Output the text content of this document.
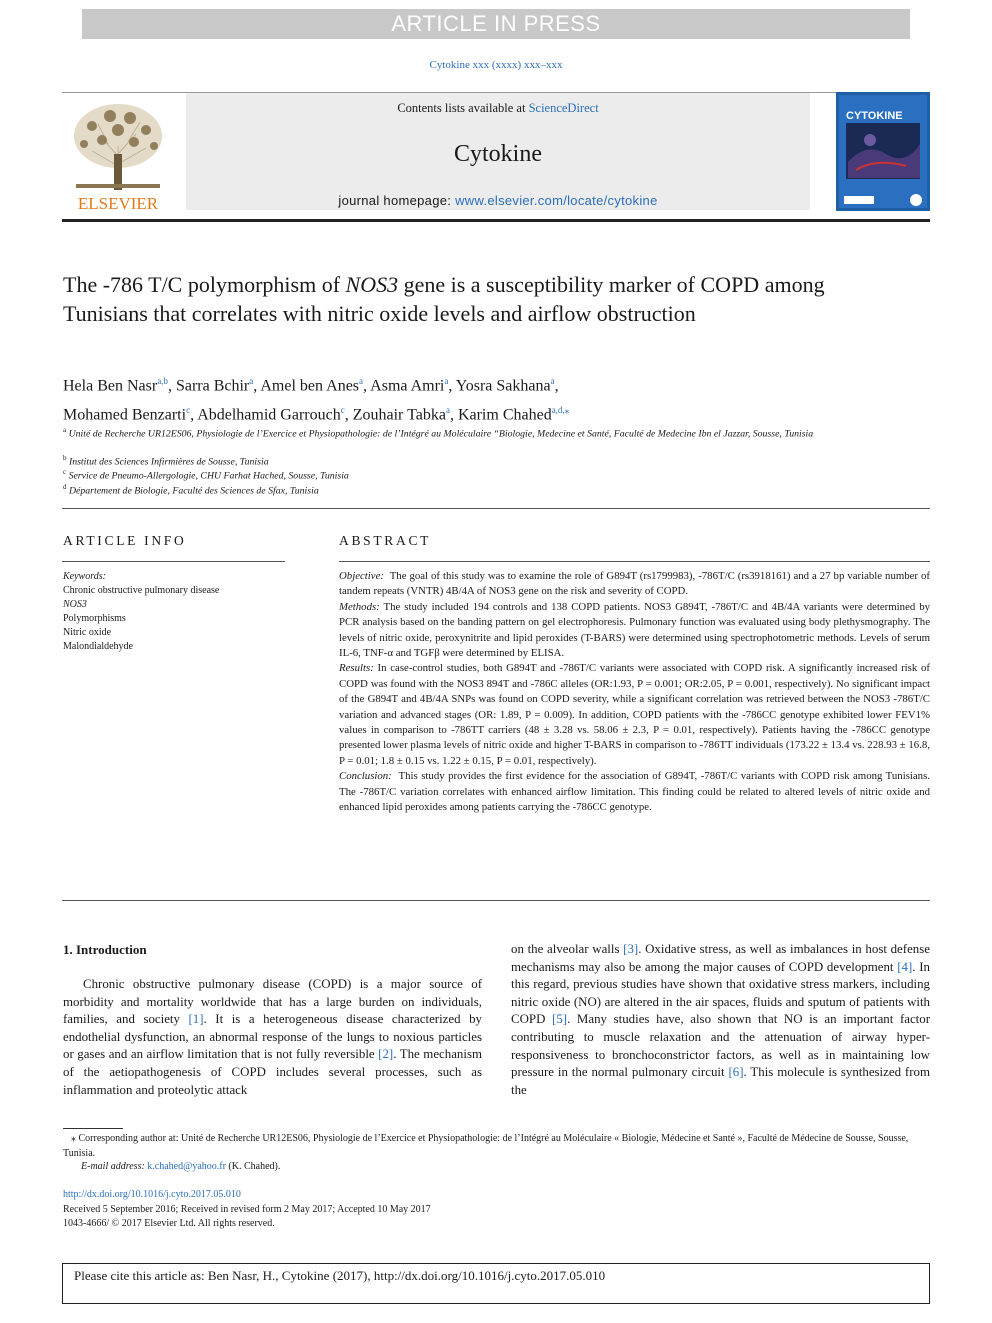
ARTICLE IN PRESS
Cytokine xxx (xxxx) xxx–xxx
ELSEVIER
Contents lists available at ScienceDirect
Cytokine
journal homepage: www.elsevier.com/locate/cytokine
CYTOKINE
The -786 T/C polymorphism of NOS3 gene is a susceptibility marker of COPD among Tunisians that correlates with nitric oxide levels and airflow obstruction
Hela Ben Nasr$^{a,b}$, Sarra Bchir$^a$, Amel ben Anes$^a$, Asma Amri$^a$, Yosra Sakhana$^a$,
Mohamed Benzarti$^c$, Abdelhamid Garrouch$^c$, Zouhair Tabka$^a$, Karim Chahed$^{a,d,⁎}$
$^a$ Unité de Recherche UR12ES06, Physiologie de l’Exercice et Physiopathologie: de l’Intégré au Moléculaire “Biologie, Medecine et Santé, Faculté de Medecine Ibn el Jazzar, Sousse, Tunisia
$^b$ Institut des Sciences Infirmières de Sousse, Tunisia
$^c$ Service de Pneumo-Allergologie, CHU Farhat Hached, Sousse, Tunisia
$^d$ Département de Biologie, Faculté des Sciences de Sfax, Tunisia
ARTICLE INFO
Keywords:
Chronic obstructive pulmonary disease
NOS3
Polymorphisms
Nitric oxide
Malondialdehyde
ABSTRACT

Objective: The goal of this study was to examine the role of G894T (rs1799983), -786T/C (rs3918161) and a 27 bp variable number of tandem repeats (VNTR) 4B/4A of NOS3 gene on the risk and severity of COPD.

Methods: The study included 194 controls and 138 COPD patients. NOS3 G894T, -786T/C and 4B/4A variants were determined by PCR analysis based on the banding pattern on gel electrophoresis. Pulmonary function was evaluated using body plethysmography. The levels of nitric oxide, peroxynitrite and lipid peroxides (T-BARS) were determined using spectrophotometric methods. Levels of serum IL-6, TNF-α and TGFβ were determined by ELISA.

Results: In case-control studies, both G894T and -786T/C variants were associated with COPD risk. A significantly increased risk of COPD was found with the NOS3 894T and -786C alleles (OR:1.93, P = 0.001; OR:2.05, P = 0.001, respectively). No significant impact of the G894T and 4B/4A SNPs was found on COPD severity, while a significant correlation was retrieved between the NOS3 -786T/C variation and advanced stages (OR: 1.89, P = 0.009). In addition, COPD patients with the -786CC genotype exhibited lower FEV1% values in comparison to -786TT carriers (48 ± 3.28 vs. 58.06 ± 2.3, P = 0.01, respectively). Patients having the -786CC genotype presented lower plasma levels of nitric oxide and higher T-BARS in comparison to -786TT individuals (173.22 ± 13.4 vs. 228.93 ± 16.8, P = 0.01; 1.8 ± 0.15 vs. 1.22 ± 0.15, P = 0.01, respectively).

Conclusion: This study provides the first evidence for the association of G894T, -786T/C variants with COPD risk among Tunisians. The -786T/C variation correlates with enhanced airflow limitation. This finding could be related to altered levels of nitric oxide and enhanced lipid peroxides among patients carrying the -786CC genotype.

1. Introduction

Chronic obstructive pulmonary disease (COPD) is a major source of morbidity and mortality worldwide that has a large burden on individuals, families, and society [1]. It is a heterogeneous disease characterized by endothelial dysfunction, an abnormal response of the lungs to noxious particles or gases and an airflow limitation that is not fully reversible [2]. The mechanism of the aetiopathogenesis of COPD includes several processes, such as inflammation and proteolytic attack

on the alveolar walls [3]. Oxidative stress, as well as imbalances in host defense mechanisms may also be among the major causes of COPD development [4]. In this regard, previous studies have shown that oxidative stress markers, including nitric oxide (NO) are altered in the air spaces, fluids and sputum of patients with COPD [5]. Many studies have, also shown that NO is an important factor contributing to muscle relaxation and the attenuation of airway hyper-responsiveness to bronchoconstrictor factors, as well as in maintaining low pressure in the normal pulmonary circuit [6]. This molecule is synthesized from the

⁎ Corresponding author at: Unité de Recherche UR12ES06, Physiologie de l’Exercice et Physiopathologie: de l’Intégré au Moléculaire « Biologie, Médecine et Santé », Faculté de Médecine de Sousse, Sousse, Tunisia.
E-mail address: k.chahed@yahoo.fr (K. Chahed).
http://dx.doi.org/10.1016/j.cyto.2017.05.010
Received 5 September 2016; Received in revised form 2 May 2017; Accepted 10 May 2017
1043-4666/ © 2017 Elsevier Ltd. All rights reserved.
Please cite this article as: Ben Nasr, H., Cytokine (2017), http://dx.doi.org/10.1016/j.cyto.2017.05.010
